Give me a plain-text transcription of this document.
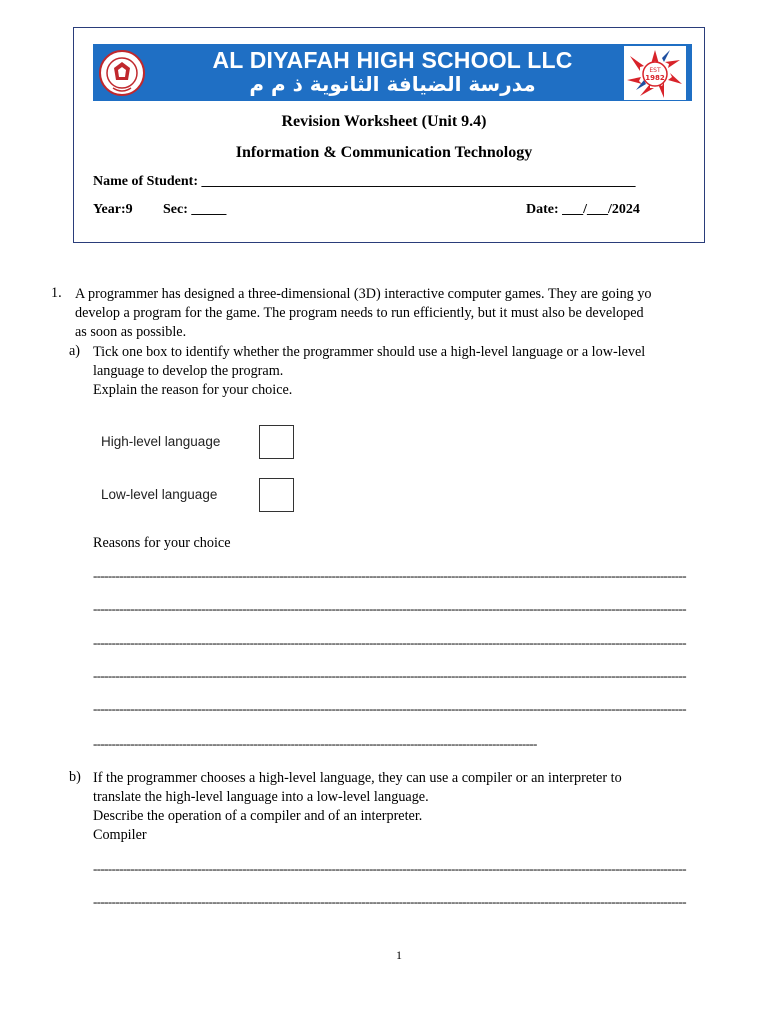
AL DIYAFAH HIGH SCHOOL LLC
مدرسة الضيافة الثانوية ذ م م
EST
1982
Revision Worksheet (Unit 9.4)
Information & Communication Technology
Name of Student: ______________________________________________________________
Year:9 Sec: _____	Date: ___/___/2024
1. A programmer has designed a three-dimensional (3D) interactive computer games. They are going yo
develop a program for the game. The program needs to run efficiently, but it must also be developed
as soon as possible.
a) Tick one box to identify whether the programmer should use a high-level language or a low-level
language to develop the program.
Explain the reason for your choice.
High-level language
Low-level language
Reasons for your choice
---------------------------------------------------------------------------------------------------------------------------------------------------------------
---------------------------------------------------------------------------------------------------------------------------------------------------------------
---------------------------------------------------------------------------------------------------------------------------------------------------------------
---------------------------------------------------------------------------------------------------------------------------------------------------------------
---------------------------------------------------------------------------------------------------------------------------------------------------------------
-----------------------------------------------------------------------------------------------------------------------
b) If the programmer chooses a high-level language, they can use a compiler or an interpreter to
translate the high-level language into a low-level language.
Describe the operation of a compiler and of an interpreter.
Compiler
---------------------------------------------------------------------------------------------------------------------------------------------------------------
---------------------------------------------------------------------------------------------------------------------------------------------------------------
1
